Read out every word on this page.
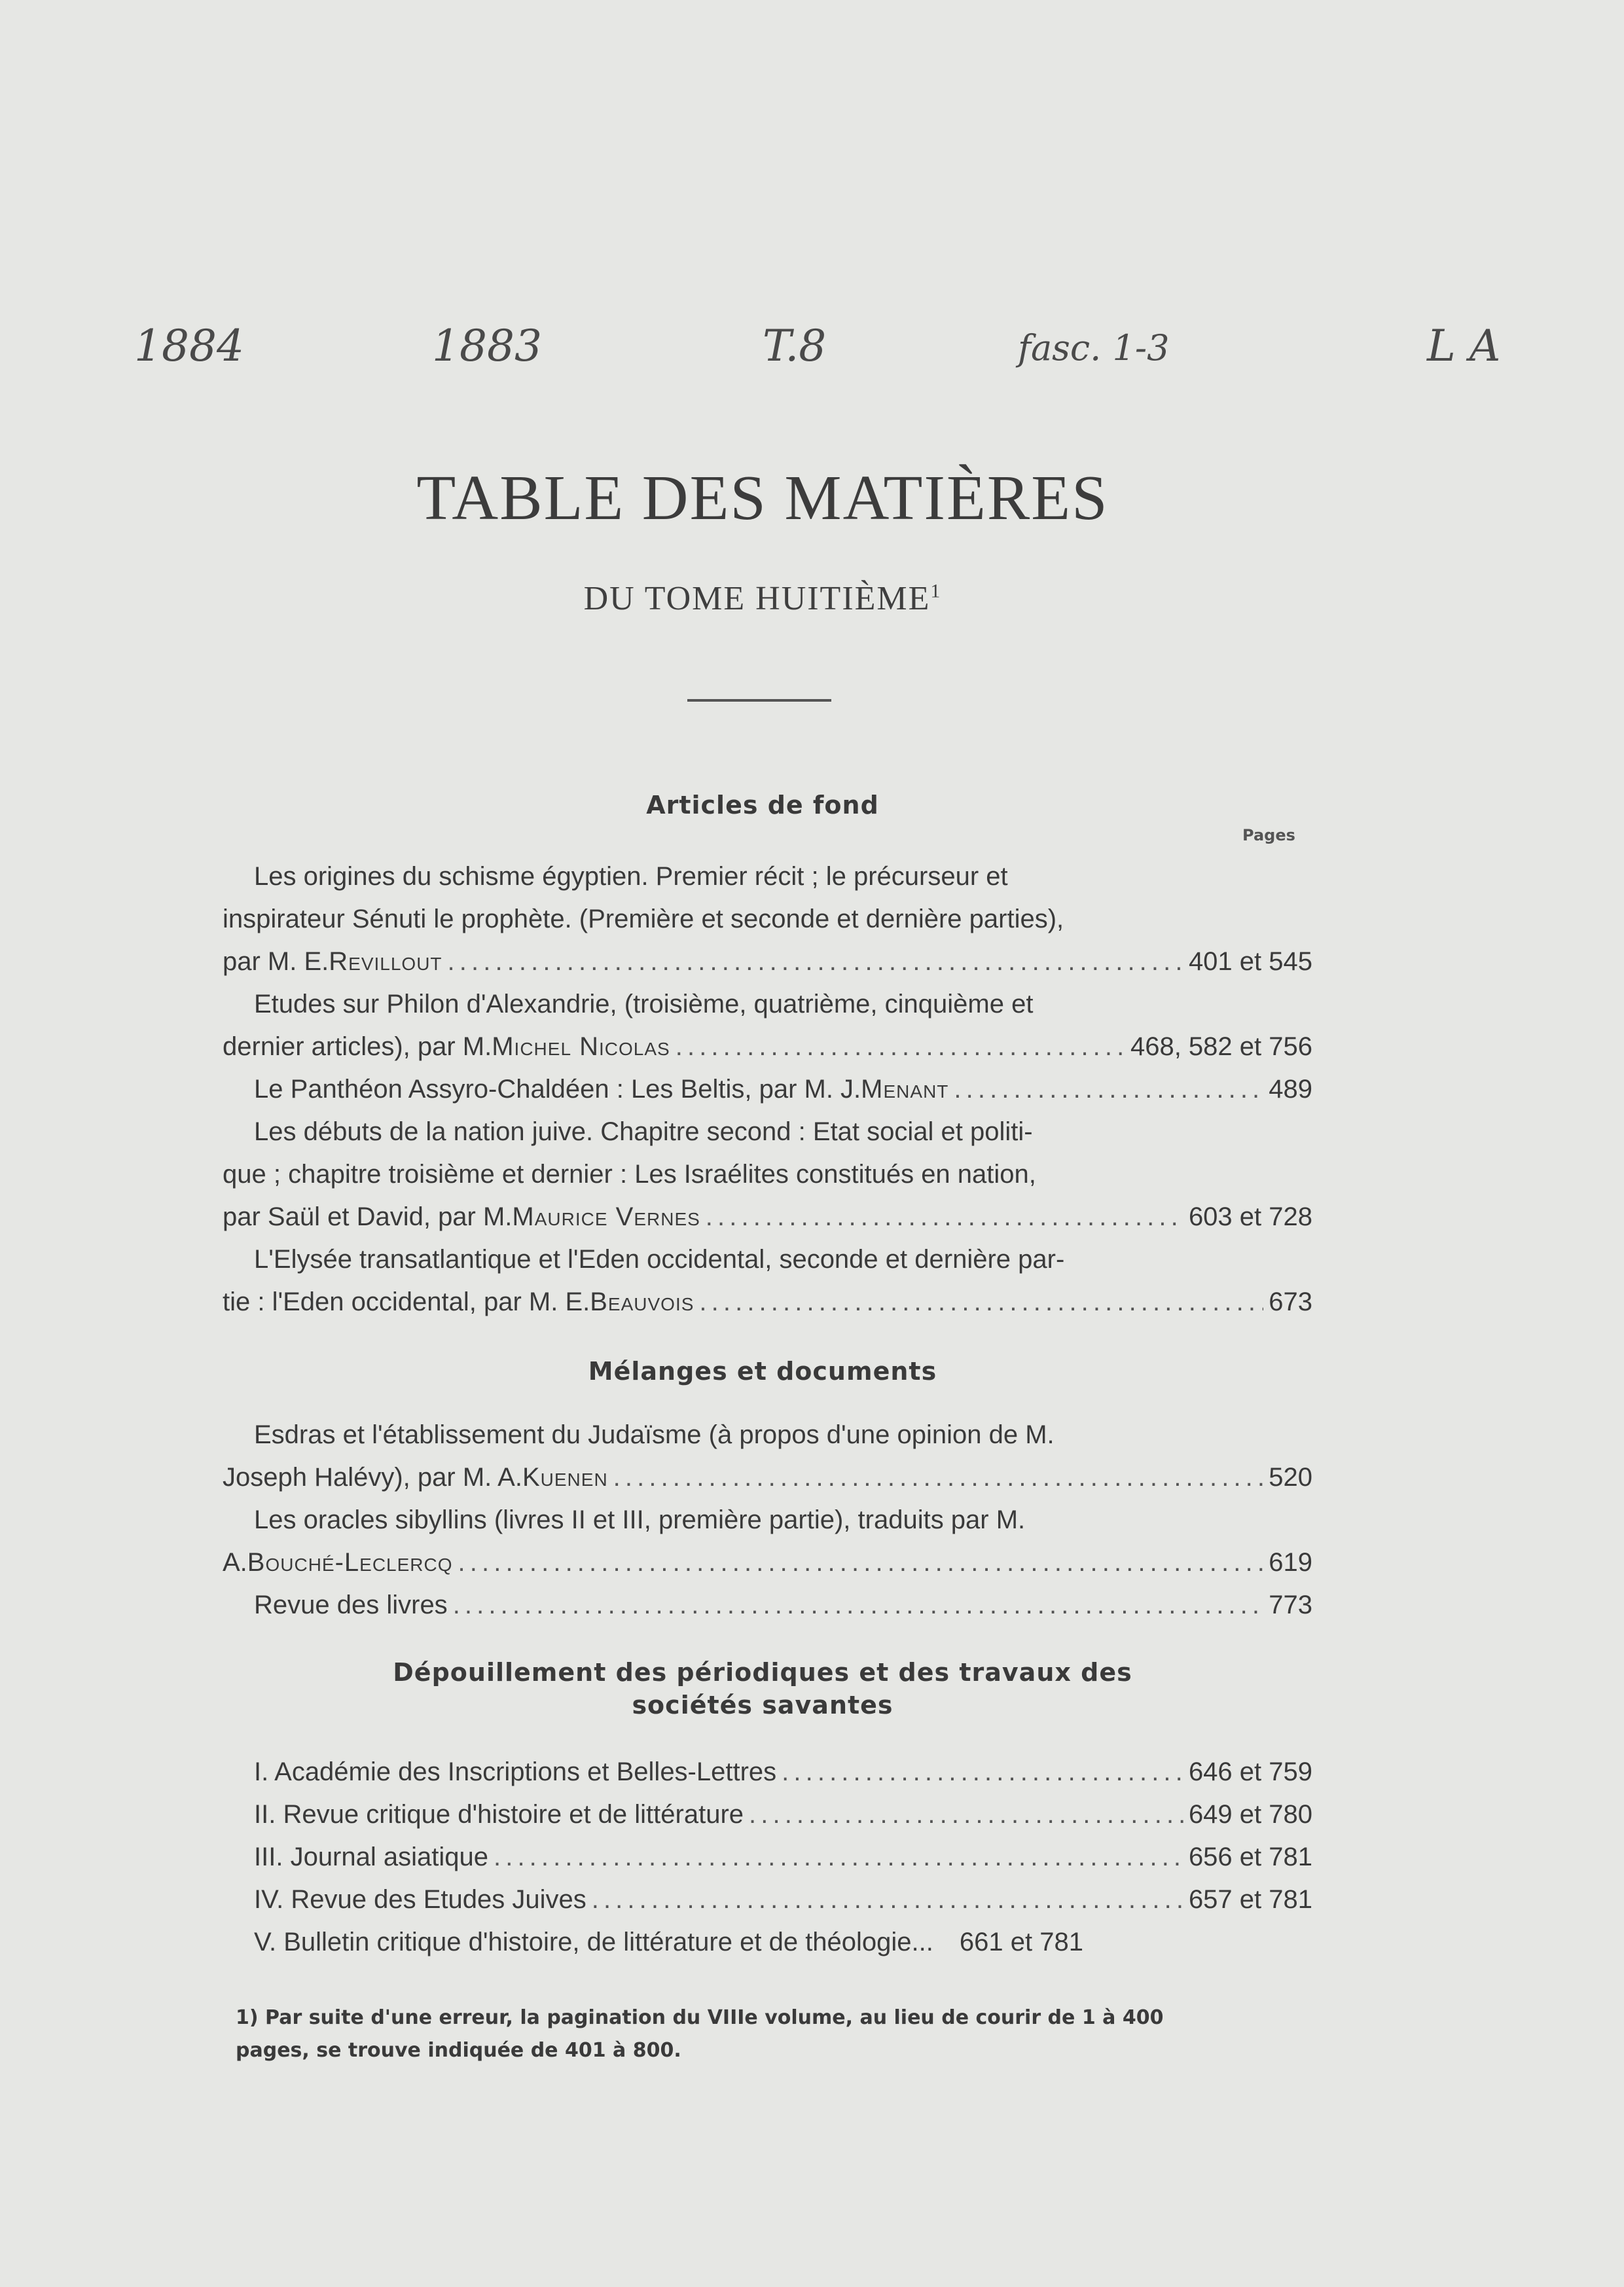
1884	1883	T.8	fasc. 1-3	L A
TABLE DES MATIÈRES
DU TOME HUITIÈME$^1$
Articles de fond
Pages
Les origines du schisme égyptien. Premier récit ; le précurseur et
inspirateur Sénuti le prophète. (Première et seconde et dernière parties),
par M. E. Revillout . . .	401 et 545
Etudes sur Philon d'Alexandrie, (troisième, quatrième, cinquième et
dernier articles), par M. Michel Nicolas . . .	468, 582 et 756
Le Panthéon Assyro-Chaldéen : Les Beltis, par M. J. Menant . . .	489
Les débuts de la nation juive. Chapitre second : Etat social et politi-
que ; chapitre troisième et dernier : Les Israélites constitués en nation,
par Saül et David, par M. Maurice Vernes . . .	603 et 728
L'Elysée transatlantique et l'Eden occidental, seconde et dernière par-
tie : l'Eden occidental, par M. E. Beauvois . . .	673
Mélanges et documents
Esdras et l'établissement du Judaïsme (à propos d'une opinion de M.
Joseph Halévy), par M. A. Kuenen . . .	520
Les oracles sibyllins (livres II et III, première partie), traduits par M.
A. Bouché-Leclercq . . .	619
Revue des livres . . .	773
Dépouillement des périodiques et des travaux des
sociétés savantes
I. Académie des Inscriptions et Belles-Lettres . . .	646 et 759
II. Revue critique d'histoire et de littérature . . .	649 et 780
III. Journal asiatique . . .	656 et 781
IV. Revue des Etudes Juives . . .	657 et 781
V. Bulletin critique d'histoire, de littérature et de théologie... 661 et 781
1) Par suite d'une erreur, la pagination du VIIIe volume, au lieu de courir de 1 à 400
pages, se trouve indiquée de 401 à 800.
